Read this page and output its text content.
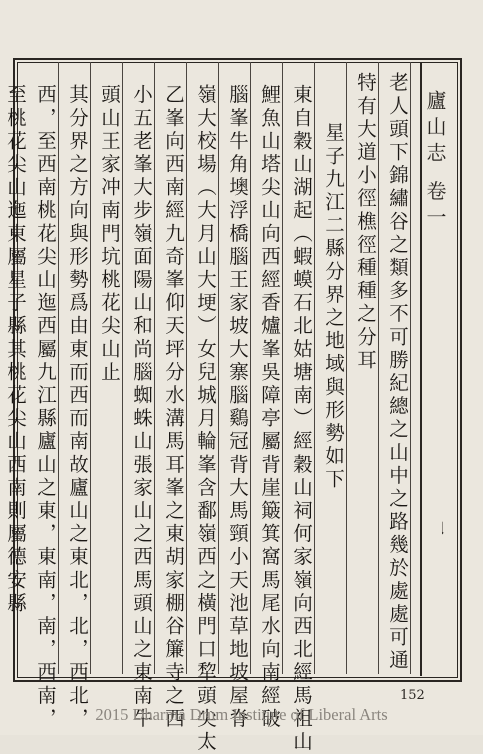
廬山志 卷一
一
老人頭下錦繡谷之類多不可勝紀總之山中之路幾於處處可通
特有大道小徑樵徑種種之分耳
星子九江二縣分界之地域與形勢如下
東自穀山湖起（蝦蟆石北姑塘南）經穀山祠何家嶺向西北經馬祖山
鯉魚山塔尖山向西經香爐峯吳障亭屬背崖簸箕窩馬尾水向南經破
腦峯牛角墺浮橋腦王家坡大寨腦鷄冠背大馬頸小天池草地坡屋脊
嶺大校場（大月山大埂）女兒城月輪峯含鄱嶺西之橫門口犂頭尖太
乙峯向西南經九奇峯仰天坪分水溝馬耳峯之東胡家棚谷簾寺之西
小五老峯大步嶺面陽山和尚腦蜘蛛山張家山之西馬頭山之東南牛
頭山王家冲南門坑桃花尖山止
其分界之方向與形勢爲由東而西而南故廬山之東北，北，西北，
西，至西南桃花尖山迤西屬九江縣廬山之東，東南，南，西南，
至桃花尖山迤東屬星子縣其桃花尖山西南則屬德安縣
152
2015 Dharma Drum Institute of Liberal Arts
